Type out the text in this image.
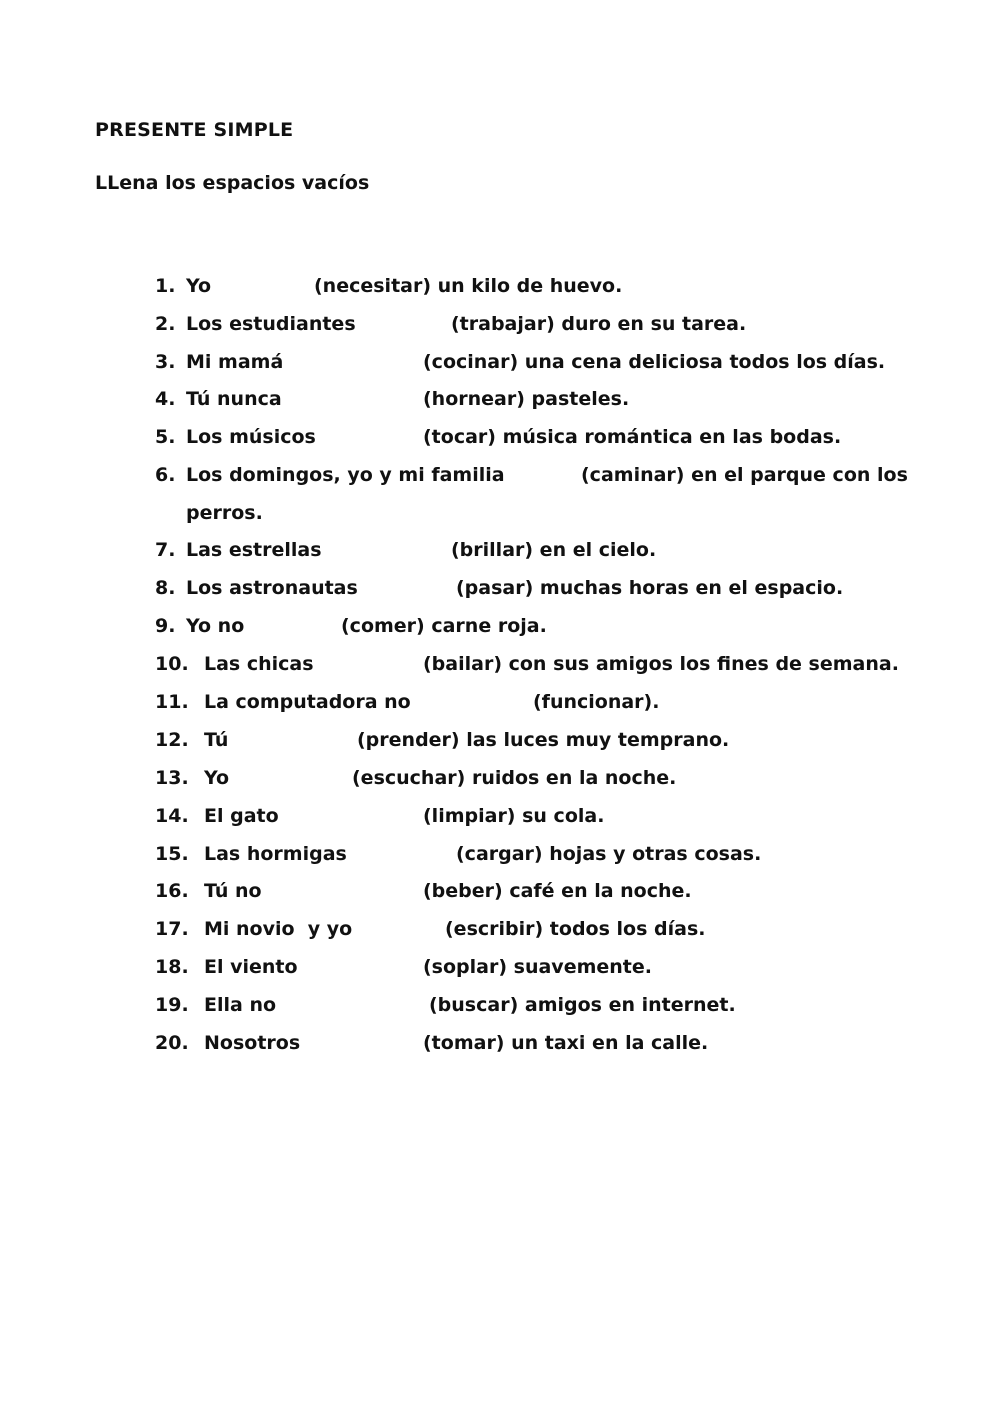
PRESENTE SIMPLE
LLena los espacios vacíos
1. Yo	(necesitar) un kilo de huevo.
2. Los estudiantes	(trabajar) duro en su tarea.
3. Mi mamá	(cocinar) una cena deliciosa todos los días.
4. Tú nunca	(hornear) pasteles.
5. Los músicos	(tocar) música romántica en las bodas.
6. Los domingos, yo y mi familia	(caminar) en el parque con los
perros.
7. Las estrellas	(brillar) en el cielo.
8. Los astronautas	(pasar) muchas horas en el espacio.
9. Yo no	(comer) carne roja.
10. Las chicas	(bailar) con sus amigos los fines de semana.
11. La computadora no	(funcionar).
12. Tú	(prender) las luces muy temprano.
13. Yo	(escuchar) ruidos en la noche.
14. El gato	(limpiar) su cola.
15. Las hormigas	(cargar) hojas y otras cosas.
16. Tú no	(beber) café en la noche.
17. Mi novio  y yo	(escribir) todos los días.
18. El viento	(soplar) suavemente.
19. Ella no	(buscar) amigos en internet.
20. Nosotros	(tomar) un taxi en la calle.
